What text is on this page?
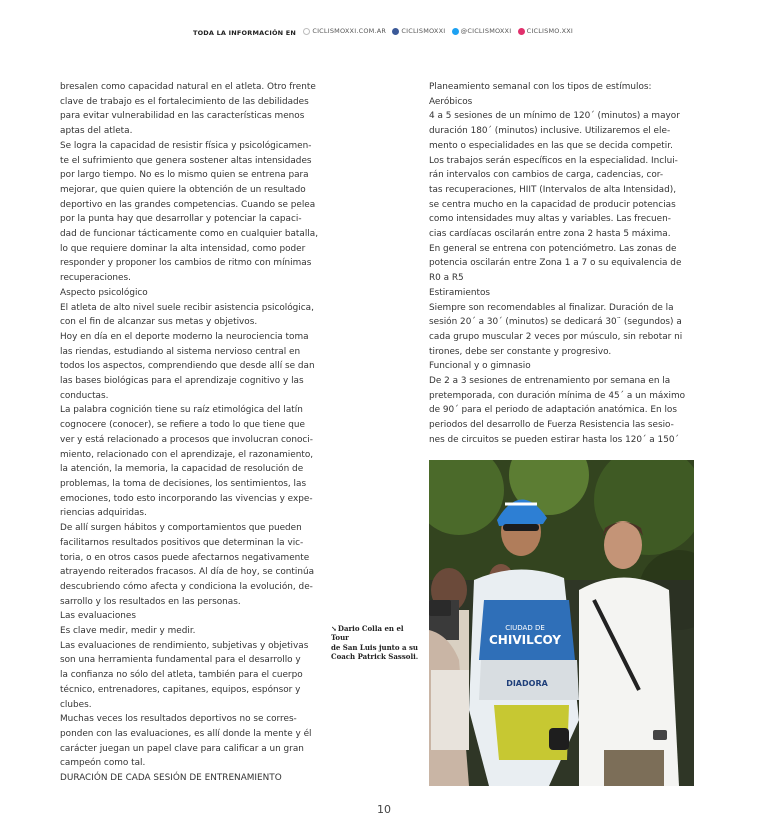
TODA LA INFORMACIÓN EN	CICLISMOXXI.COM.AR
CICLISMOXXI
@CICLISMOXXI
CICLISMO.XXI

bresalen como capacidad natural en el atleta. Otro frente

clave de trabajo es el fortalecimiento de las debilidades

para evitar vulnerabilidad en las características menos

aptas del atleta.

Se logra la capacidad de resistir física y psicológicamen-

te el sufrimiento que genera sostener altas intensidades

por largo tiempo. No es lo mismo quien se entrena para

mejorar, que quien quiere la obtención de un resultado

deportivo en las grandes competencias. Cuando se pelea

por la punta hay que desarrollar y potenciar la capaci-

dad de funcionar tácticamente como en cualquier batalla,

lo que requiere dominar la alta intensidad, como poder

responder y proponer los cambios de ritmo con mínimas

recuperaciones.

Aspecto psicológico

El atleta de alto nivel suele recibir asistencia psicológica,

con el fin de alcanzar sus metas y objetivos.

Hoy en día en el deporte moderno la neurociencia toma

las riendas, estudiando al sistema nervioso central en

todos los aspectos, comprendiendo que desde allí se dan

las bases biológicas para el aprendizaje cognitivo y las

conductas.

La palabra cognición tiene su raíz etimológica del latín

cognocere (conocer), se refiere a todo lo que tiene que

ver y está relacionado a procesos que involucran conoci-

miento, relacionado con el aprendizaje, el razonamiento,

la atención, la memoria, la capacidad de resolución de

problemas, la toma de decisiones, los sentimientos, las

emociones, todo esto incorporando las vivencias y expe-

riencias adquiridas.

De allí surgen hábitos y comportamientos que pueden

facilitarnos resultados positivos que determinan la vic-

toria, o en otros casos puede afectarnos negativamente

atrayendo reiterados fracasos. Al día de hoy, se continúa

descubriendo cómo afecta y condiciona la evolución, de-

sarrollo y los resultados en las personas.

Las evaluaciones

Es clave medir, medir y medir.

Las evaluaciones de rendimiento, subjetivas y objetivas

son una herramienta fundamental para el desarrollo y

la confianza no sólo del atleta, también para el cuerpo

técnico, entrenadores, capitanes, equipos, espónsor y

clubes.

Muchas veces los resultados deportivos no se corres-

ponden con las evaluaciones, es allí donde la mente y él

carácter juegan un papel clave para calificar a un gran

campeón como tal.

DURACIÓN DE CADA SESIÓN DE ENTRENAMIENTO

Planeamiento semanal con los tipos de estímulos:

Aeróbicos

4 a 5 sesiones de un mínimo de 120´ (minutos) a mayor

duración 180´ (minutos) inclusive. Utilizaremos el ele-

mento o especialidades en las que se decida competir.

Los trabajos serán específicos en la especialidad. Inclui-

rán intervalos con cambios de carga, cadencias, cor-

tas recuperaciones, HIIT (Intervalos de alta Intensidad),

se centra mucho en la capacidad de producir potencias

como intensidades muy altas y variables. Las frecuen-

cias cardíacas oscilarán entre zona 2 hasta 5 máxima.

En general se entrena con potenciómetro. Las zonas de

potencia oscilarán entre Zona 1 a 7 o su equivalencia de

R0 a R5

Estiramientos

Siempre son recomendables al finalizar. Duración de la

sesión 20´ a 30´ (minutos) se dedicará 30¨ (segundos) a

cada grupo muscular 2 veces por músculo, sin rebotar ni

tirones, debe ser constante y progresivo.

Funcional y o gimnasio

De 2 a 3 sesiones de entrenamiento por semana en la

pretemporada, con duración mínima de 45´ a un máximo

de 90´ para el periodo de adaptación anatómica. En los

periodos del desarrollo de Fuerza Resistencia las sesio-

nes de circuitos se pueden estirar hasta los 120´ a 150´

CIUDAD DE
CHIVILCOY
DIADORA
↘Dario Colla en el Tour
de San Luis junto a su
Coach Patrick Sassoli.
10
